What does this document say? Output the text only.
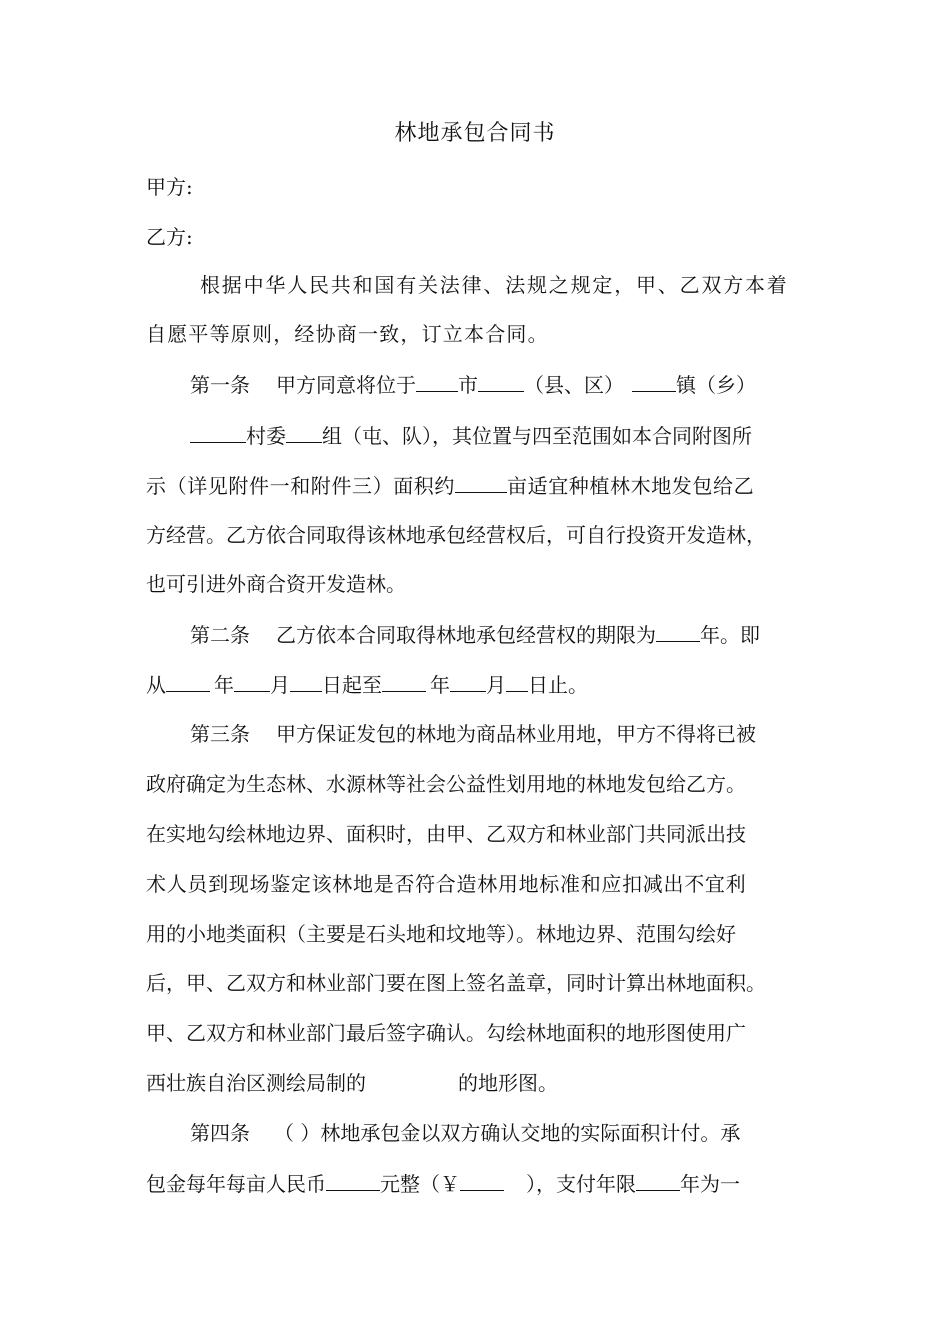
林地承包合同书
甲方:
乙方:
根据中华人民共和国有关法律、法规之规定，甲、乙双方本着
自愿平等原则，经协商一致，订立本合同。
第一条 甲方同意将位于 市 （县、区）	镇（乡）
村委 组（屯、队），其位置与四至范围如本合同附图所
示（详见附件一和附件三）面积约	亩适宜种植林木地发包给乙
方经营。乙方依合同取得该林地承包经营权后，可自行投资开发造林，
也可引进外商合资开发造林。
第二条 乙方依本合同取得林地承包经营权的期限为 年。即
从 年 月 日起至 年 月 日止。
第三条 甲方保证发包的林地为商品林业用地，甲方不得将已被
政府确定为生态林、水源林等社会公益性划用地的林地发包给乙方。
在实地勾绘林地边界、面积时，由甲、乙双方和林业部门共同派出技
术人员到现场鉴定该林地是否符合造林用地标准和应扣减出不宜利
用的小地类面积（主要是石头地和坟地等）。林地边界、范围勾绘好
后，甲、乙双方和林业部门要在图上签名盖章，同时计算出林地面积。
甲、乙双方和林业部门最后签字确认。勾绘林地面积的地形图使用广
西壮族自治区测绘局制的	的地形图。
第四条 （ ）林地承包金以双方确认交地的实际面积计付。承
包金每年每亩人民币	元整（￥	），支付年限 年为一
